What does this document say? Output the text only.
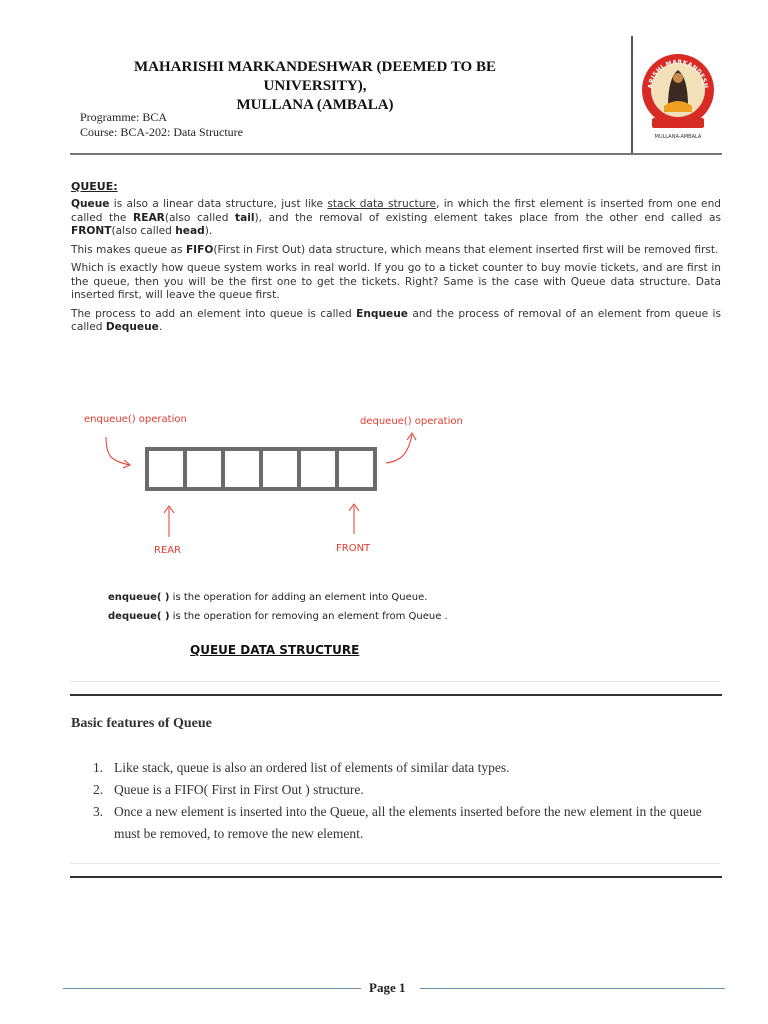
MAHARISHI MARKANDESHWAR (DEEMED TO BE UNIVERSITY),
MULLANA (AMBALA)
Programme: BCA
Course: BCA-202: Data Structure
ARISHI MARKANDESH
MULLANA-AMBALA
QUEUE:

Queue is also a linear data structure, just like stack data structure, in which the first element is inserted from one end called the REAR(also called tail), and the removal of existing element takes place from the other end called as FRONT(also called head).

This makes queue as FIFO(First in First Out) data structure, which means that element inserted first will be removed first.

Which is exactly how queue system works in real world. If you go to a ticket counter to buy movie tickets, and are first in the queue, then you will be the first one to get the tickets. Right? Same is the case with Queue data structure. Data inserted first, will leave the queue first.

The process to add an element into queue is called Enqueue and the process of removal of an element from queue is called Dequeue.

enqueue() operation	dequeue() operation
REAR	FRONT
enqueue( ) is the operation for adding an element into Queue.
dequeue( ) is the operation for removing an element from Queue .
QUEUE DATA STRUCTURE
Basic features of Queue
1. Like stack, queue is also an ordered list of elements of similar data types.
2. Queue is a FIFO( First in First Out ) structure.
3. Once a new element is inserted into the Queue, all the elements inserted before the new element in the queue must be removed, to remove the new element.
Page 1
